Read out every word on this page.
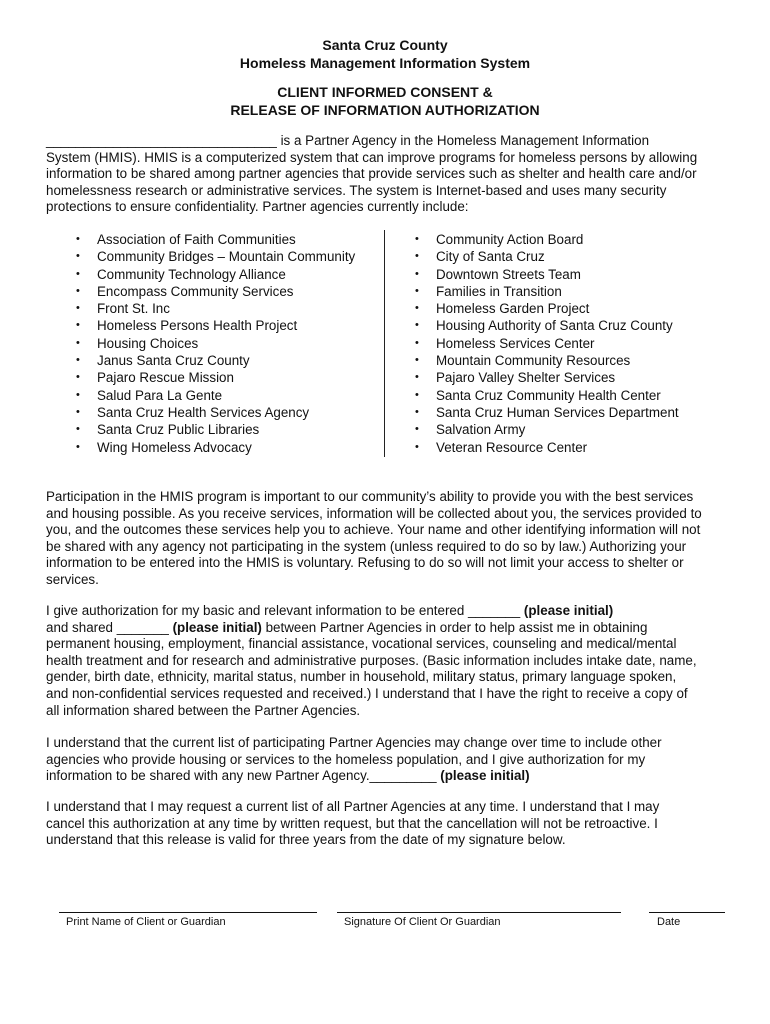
Santa Cruz County
Homeless Management Information System
CLIENT INFORMED CONSENT &
RELEASE OF INFORMATION AUTHORIZATION
_______________________________ is a Partner Agency in the Homeless Management Information
System (HMIS). HMIS is a computerized system that can improve programs for homeless persons by allowing
information to be shared among partner agencies that provide services such as shelter and health care and/or
homelessness research or administrative services. The system is Internet-based and uses many security
protections to ensure confidentiality. Partner agencies currently include:
• Association of Faith Communities
• Community Bridges – Mountain Community
• Community Technology Alliance
• Encompass Community Services
• Front St. Inc
• Homeless Persons Health Project
• Housing Choices
• Janus Santa Cruz County
• Pajaro Rescue Mission
• Salud Para La Gente
• Santa Cruz Health Services Agency
• Santa Cruz Public Libraries
• Wing Homeless Advocacy
• Community Action Board
• City of Santa Cruz
• Downtown Streets Team
• Families in Transition
• Homeless Garden Project
• Housing Authority of Santa Cruz County
• Homeless Services Center
• Mountain Community Resources
• Pajaro Valley Shelter Services
• Santa Cruz Community Health Center
• Santa Cruz Human Services Department
• Salvation Army
• Veteran Resource Center
Participation in the HMIS program is important to our community’s ability to provide you with the best services
and housing possible. As you receive services, information will be collected about you, the services provided to
you, and the outcomes these services help you to achieve. Your name and other identifying information will not
be shared with any agency not participating in the system (unless required to do so by law.) Authorizing your
information to be entered into the HMIS is voluntary. Refusing to do so will not limit your access to shelter or
services.
I give authorization for my basic and relevant information to be entered _______ (please initial)
and shared _______ (please initial) between Partner Agencies in order to help assist me in obtaining
permanent housing, employment, financial assistance, vocational services, counseling and medical/mental
health treatment and for research and administrative purposes. (Basic information includes intake date, name,
gender, birth date, ethnicity, marital status, number in household, military status, primary language spoken,
and non-confidential services requested and received.) I understand that I have the right to receive a copy of
all information shared between the Partner Agencies.
I understand that the current list of participating Partner Agencies may change over time to include other
agencies who provide housing or services to the homeless population, and I give authorization for my
information to be shared with any new Partner Agency._________ (please initial)
I understand that I may request a current list of all Partner Agencies at any time. I understand that I may
cancel this authorization at any time by written request, but that the cancellation will not be retroactive. I
understand that this release is valid for three years from the date of my signature below.
Print Name of Client or Guardian	Signature Of Client Or Guardian	Date
